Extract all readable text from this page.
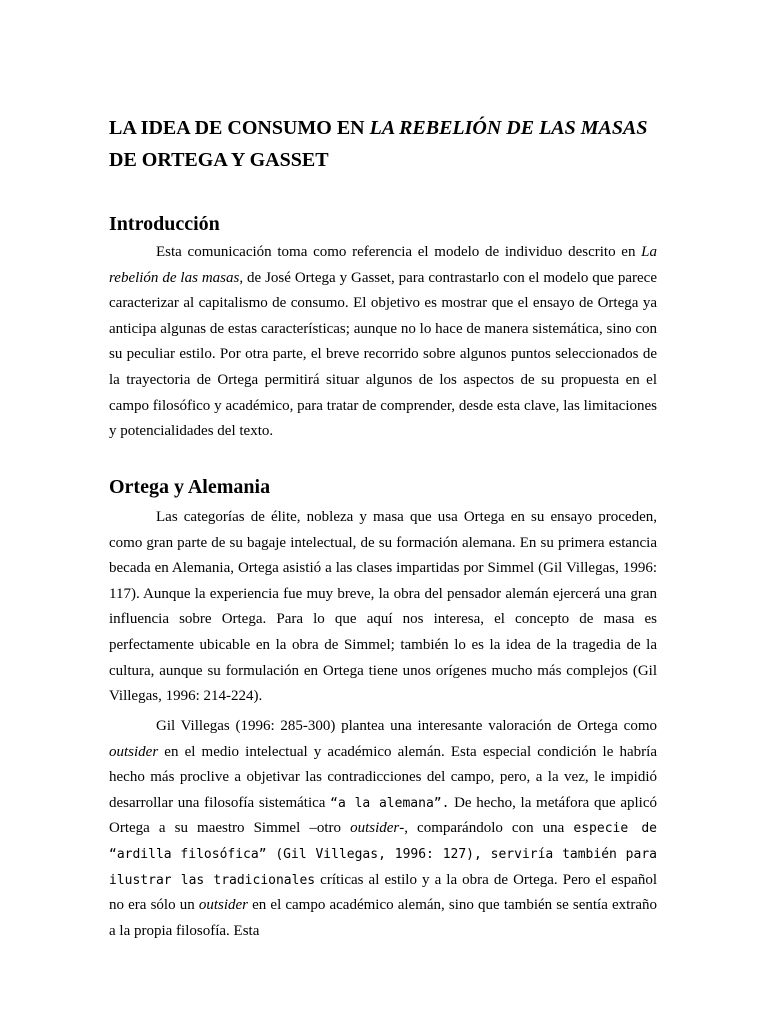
LA IDEA DE CONSUMO EN LA REBELIÓN DE LAS MASAS DE ORTEGA Y GASSET
Introducción

Esta comunicación toma como referencia el modelo de individuo descrito en La rebelión de las masas, de José Ortega y Gasset, para contrastarlo con el modelo que parece caracterizar al capitalismo de consumo. El objetivo es mostrar que el ensayo de Ortega ya anticipa algunas de estas características; aunque no lo hace de manera sistemática, sino con su peculiar estilo. Por otra parte, el breve recorrido sobre algunos puntos seleccionados de la trayectoria de Ortega permitirá situar algunos de los aspectos de su propuesta en el campo filosófico y académico, para tratar de comprender, desde esta clave, las limitaciones y potencialidades del texto.

Ortega y Alemania

Las categorías de élite, nobleza y masa que usa Ortega en su ensayo proceden, como gran parte de su bagaje intelectual, de su formación alemana. En su primera estancia becada en Alemania, Ortega asistió a las clases impartidas por Simmel (Gil Villegas, 1996: 117). Aunque la experiencia fue muy breve, la obra del pensador alemán ejercerá una gran influencia sobre Ortega. Para lo que aquí nos interesa, el concepto de masa es perfectamente ubicable en la obra de Simmel; también lo es la idea de la tragedia de la cultura, aunque su formulación en Ortega tiene unos orígenes mucho más complejos (Gil Villegas, 1996: 214-224).

Gil Villegas (1996: 285-300) plantea una interesante valoración de Ortega como outsider en el medio intelectual y académico alemán. Esta especial condición le habría hecho más proclive a objetivar las contradicciones del campo, pero, a la vez, le impidió desarrollar una filosofía sistemática “a la alemana”. De hecho, la metáfora que aplicó Ortega a su maestro Simmel –otro outsider-, comparándolo con una especie de “ardilla filosófica” (Gil Villegas, 1996: 127), serviría también para ilustrar las tradicionales críticas al estilo y a la obra de Ortega. Pero el español no era sólo un outsider en el campo académico alemán, sino que también se sentía extraño a la propia filosofía. Esta
